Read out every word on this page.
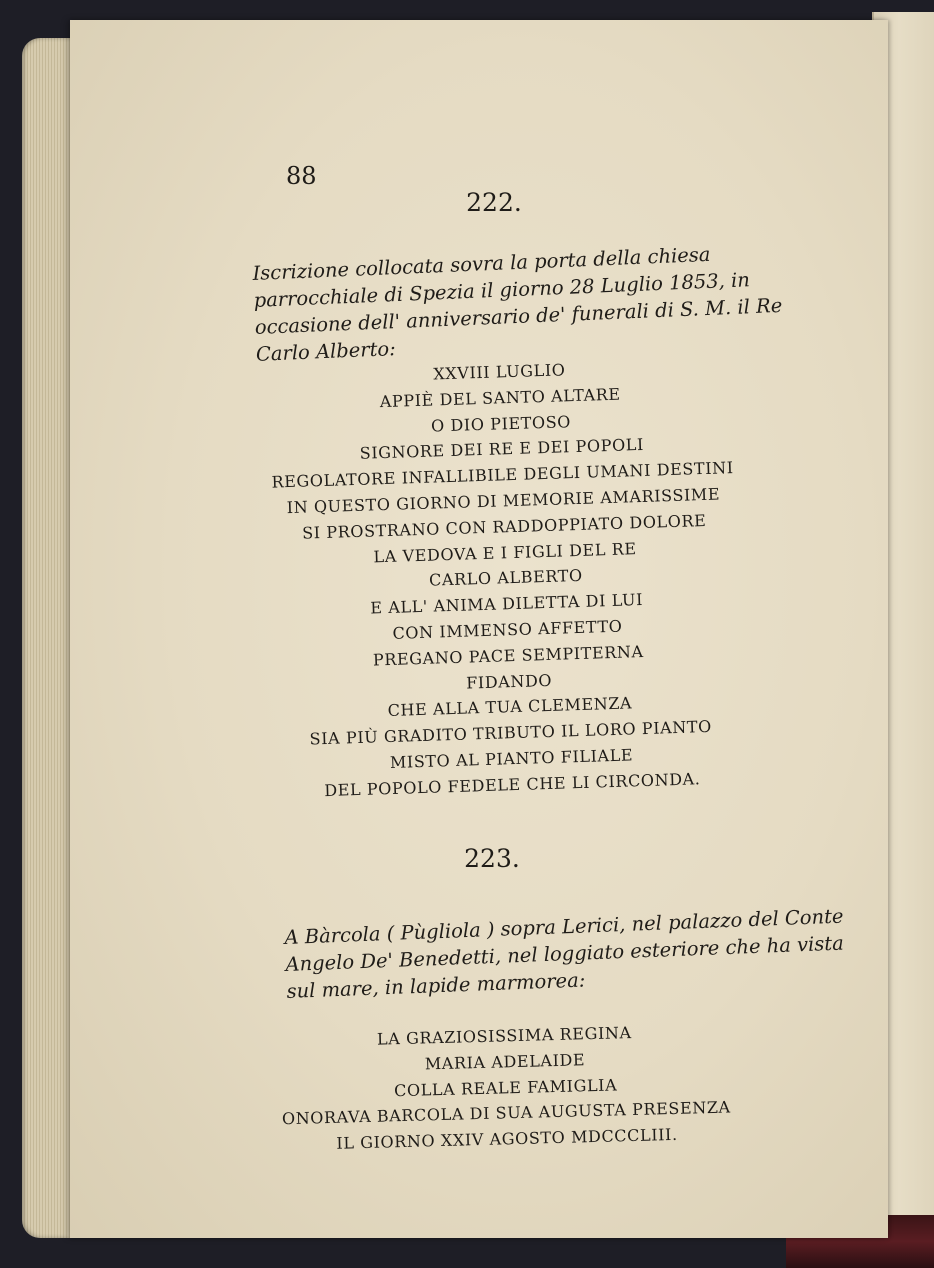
88
222.
Iscrizione collocata sovra la porta della chiesa parrocchiale di Spezia il giorno 28 Luglio 1853, in occasione dell' anniversario de' funerali di S. M. il Re Carlo Alberto:
XXVIII LUGLIO
APPIÈ DEL SANTO ALTARE
O DIO PIETOSO
SIGNORE DEI RE E DEI POPOLI
REGOLATORE INFALLIBILE DEGLI UMANI DESTINI
IN QUESTO GIORNO DI MEMORIE AMARISSIME
SI PROSTRANO CON RADDOPPIATO DOLORE
LA VEDOVA E I FIGLI DEL RE
CARLO ALBERTO
E ALL' ANIMA DILETTA DI LUI
CON IMMENSO AFFETTO
PREGANO PACE SEMPITERNA
FIDANDO
CHE ALLA TUA CLEMENZA
SIA PIÙ GRADITO TRIBUTO IL LORO PIANTO
MISTO AL PIANTO FILIALE
DEL POPOLO FEDELE CHE LI CIRCONDA.
223.
A Bàrcola ( Pùgliola ) sopra Lerici, nel palazzo del Conte Angelo De' Benedetti, nel loggiato esteriore che ha vista sul mare, in lapide marmorea:
LA GRAZIOSISSIMA REGINA
MARIA ADELAIDE
COLLA REALE FAMIGLIA
ONORAVA BARCOLA DI SUA AUGUSTA PRESENZA
IL GIORNO XXIV AGOSTO MDCCCLIII.
